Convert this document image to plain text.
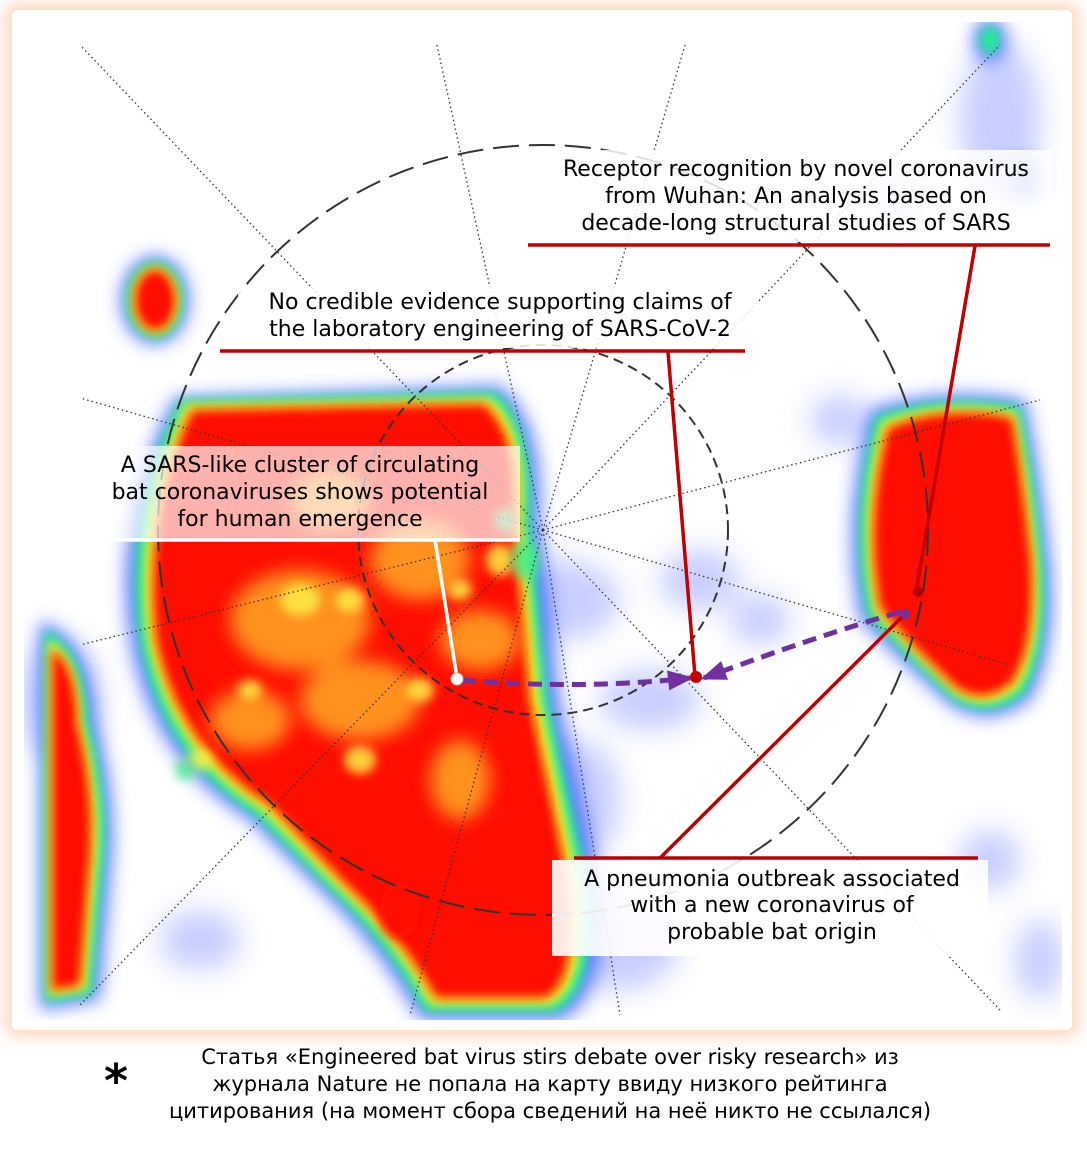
Receptor recognition by novel coronavirus
from Wuhan: An analysis based on
decade-long structural studies of SARS
No credible evidence supporting claims of
the laboratory engineering of SARS-CoV-2
A SARS-like cluster of circulating
bat coronaviruses shows potential
for human emergence
A pneumonia outbreak associated
with a new coronavirus of
probable bat origin
*	Статья «Engineered bat virus stirs debate over risky research» из
журнала Nature не попала на карту ввиду низкого рейтинга
цитирования (на момент сбора сведений на неё никто не ссылался)
